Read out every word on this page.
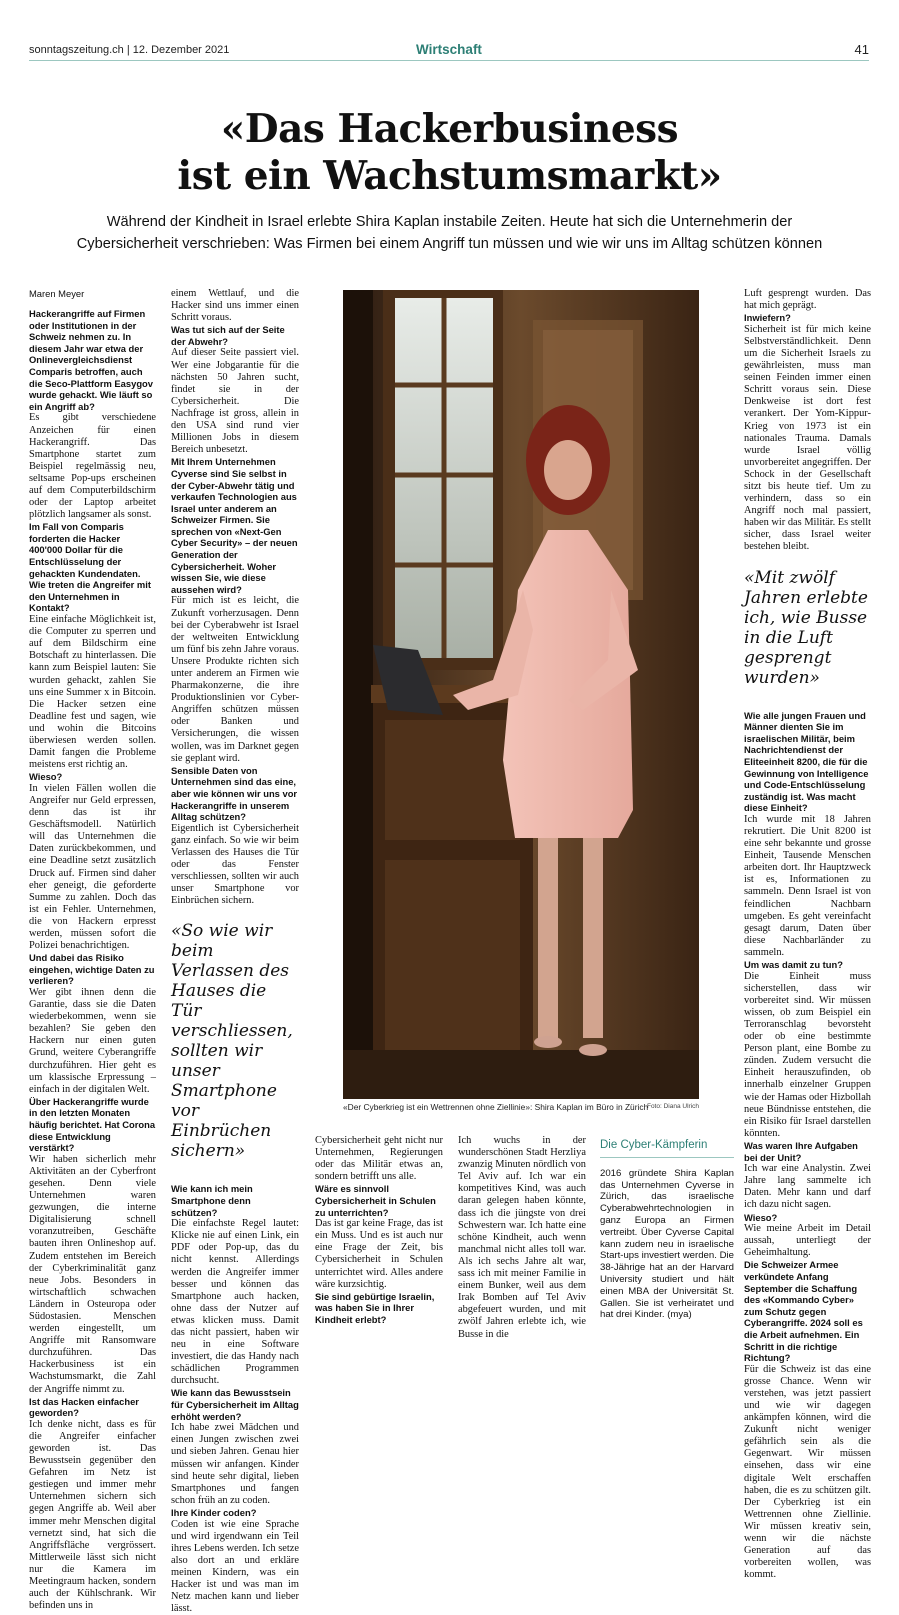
sonntagszeitung.ch | 12. Dezember 2021	Wirtschaft	41
«Das Hackerbusiness
ist ein Wachstumsmarkt»
Während der Kindheit in Israel erlebte Shira Kaplan instabile Zeiten. Heute hat sich die Unternehmerin der
Cybersicherheit verschrieben: Was Firmen bei einem Angriff tun müssen und wie wir uns im Alltag schützen können

Maren Meyer

Hackerangriffe auf Firmen oder Institutionen in der Schweiz nehmen zu. In diesem Jahr war etwa der Onlinevergleichsdienst Comparis betroffen, auch die Seco-Plattform Easygov wurde gehackt. Wie läuft so ein Angriff ab?

Es gibt verschiedene Anzeichen für einen Hackerangriff. Das Smartphone startet zum Beispiel regelmässig neu, seltsame Pop-ups erscheinen auf dem Computerbildschirm oder der Laptop arbeitet plötzlich langsamer als sonst.

Im Fall von Comparis forderten die Hacker 400'000 Dollar für die Entschlüsselung der gehackten Kundendaten. Wie treten die Angreifer mit den Unternehmen in Kontakt?

Eine einfache Möglichkeit ist, die Computer zu sperren und auf dem Bildschirm eine Botschaft zu hinterlassen. Die kann zum Beispiel lauten: Sie wurden gehackt, zahlen Sie uns eine Summer x in Bitcoin. Die Hacker setzen eine Deadline fest und sagen, wie und wohin die Bitcoins überwiesen werden sollen. Damit fangen die Probleme meistens erst richtig an.

Wieso?

In vielen Fällen wollen die Angreifer nur Geld erpressen, denn das ist ihr Geschäftsmodell. Natürlich will das Unternehmen die Daten zurückbekommen, und eine Deadline setzt zusätzlich Druck auf. Firmen sind daher eher geneigt, die geforderte Summe zu zahlen. Doch das ist ein Fehler. Unternehmen, die von Hackern erpresst werden, müssen sofort die Polizei benachrichtigen.

Und dabei das Risiko eingehen, wichtige Daten zu verlieren?

Wer gibt ihnen denn die Garantie, dass sie die Daten wiederbekommen, wenn sie bezahlen? Sie geben den Hackern nur einen guten Grund, weitere Cyberangriffe durchzuführen. Hier geht es um klassische Erpressung – einfach in der digitalen Welt.

Über Hackerangriffe wurde in den letzten Monaten häufig berichtet. Hat Corona diese Entwicklung verstärkt?

Wir haben sicherlich mehr Aktivitäten an der Cyberfront gesehen. Denn viele Unternehmen waren gezwungen, die interne Digitalisierung schnell voranzutreiben, Geschäfte bauten ihren Onlineshop auf. Zudem entstehen im Bereich der Cyberkriminalität ganz neue Jobs. Besonders in wirtschaftlich schwachen Ländern in Osteuropa oder Südostasien. Menschen werden eingestellt, um Angriffe mit Ransomware durchzuführen. Das Hackerbusiness ist ein Wachstumsmarkt, die Zahl der Angriffe nimmt zu.

Ist das Hacken einfacher geworden?

Ich denke nicht, dass es für die Angreifer einfacher geworden ist. Das Bewusstsein gegenüber den Gefahren im Netz ist gestiegen und immer mehr Unternehmen sichern sich gegen Angriffe ab. Weil aber immer mehr Menschen digital vernetzt sind, hat sich die Angriffsfläche vergrössert. Mittlerweile lässt sich nicht nur die Kamera im Meetingraum hacken, sondern auch der Kühlschrank. Wir befinden uns in

einem Wettlauf, und die Hacker sind uns immer einen Schritt voraus.

Was tut sich auf der Seite der Abwehr?

Auf dieser Seite passiert viel. Wer eine Jobgarantie für die nächsten 50 Jahren sucht, findet sie in der Cybersicherheit. Die Nachfrage ist gross, allein in den USA sind rund vier Millionen Jobs in diesem Bereich unbesetzt.

Mit Ihrem Unternehmen Cyverse sind Sie selbst in der Cyber-Abwehr tätig und verkaufen Technologien aus Israel unter anderem an Schweizer Firmen. Sie sprechen von «Next-Gen Cyber Security» – der neuen Generation der Cybersicherheit. Woher wissen Sie, wie diese aussehen wird?

Für mich ist es leicht, die Zukunft vorherzusagen. Denn bei der Cyberabwehr ist Israel der weltweiten Entwicklung um fünf bis zehn Jahre voraus. Unsere Produkte richten sich unter anderem an Firmen wie Pharmakonzerne, die ihre Produktionslinien vor Cyber-Angriffen schützen müssen oder Banken und Versicherungen, die wissen wollen, was im Darknet gegen sie geplant wird.

Sensible Daten von Unternehmen sind das eine, aber wie können wir uns vor Hackerangriffe in unserem Alltag schützen?

Eigentlich ist Cybersicherheit ganz einfach. So wie wir beim Verlassen des Hauses die Tür oder das Fenster verschliessen, sollten wir auch unser Smartphone vor Einbrüchen sichern.

«So wie wir beim Verlassen des Hauses die Tür verschliessen, sollten wir unser Smartphone vor Einbrüchen sichern»

Wie kann ich mein Smartphone denn schützen?

Die einfachste Regel lautet: Klicke nie auf einen Link, ein PDF oder Pop-up, das du nicht kennst. Allerdings werden die Angreifer immer besser und können das Smartphone auch hacken, ohne dass der Nutzer auf etwas klicken muss. Damit das nicht passiert, haben wir neu in eine Software investiert, die das Handy nach schädlichen Programmen durchsucht.

Wie kann das Bewusstsein für Cybersicherheit im Alltag erhöht werden?

Ich habe zwei Mädchen und einen Jungen zwischen zwei und sieben Jahren. Genau hier müssen wir anfangen. Kinder sind heute sehr digital, lieben Smartphones und fangen schon früh an zu coden.

Ihre Kinder coden?

Coden ist wie eine Sprache und wird irgendwann ein Teil ihres Lebens werden. Ich setze also dort an und erkläre meinen Kindern, was ein Hacker ist und was man im Netz machen kann und lieber lässt.

«Der Cyberkrieg ist ein Wettrennen ohne Ziellinie»: Shira Kaplan im Büro in Zürich
Foto: Diana Ulrich

Cybersicherheit geht nicht nur Unternehmen, Regierungen oder das Militär etwas an, sondern betrifft uns alle.

Wäre es sinnvoll Cybersicherheit in Schulen zu unterrichten?

Das ist gar keine Frage, das ist ein Muss. Und es ist auch nur eine Frage der Zeit, bis Cybersicherheit in Schulen unterrichtet wird. Alles andere wäre kurzsichtig.

Sie sind gebürtige Israelin, was haben Sie in Ihrer Kindheit erlebt?

Ich wuchs in der wunderschönen Stadt Herzliya zwanzig Minuten nördlich von Tel Aviv auf. Ich war ein kompetitives Kind, was auch daran gelegen haben könnte, dass ich die jüngste von drei Schwestern war. Ich hatte eine schöne Kindheit, auch wenn manchmal nicht alles toll war. Als ich sechs Jahre alt war, sass ich mit meiner Familie in einem Bunker, weil aus dem Irak Bomben auf Tel Aviv abgefeuert wurden, und mit zwölf Jahren erlebte ich, wie Busse in die

Die Cyber-Kämpferin
2016 gründete Shira Kaplan das Unternehmen Cyverse in Zürich, das israelische Cyberabwehrtechnologien in ganz Europa an Firmen vertreibt. Über Cyverse Capital kann zudem neu in israelische Start-ups investiert werden. Die 38-Jährige hat an der Harvard University studiert und hält einen MBA der Universität St. Gallen. Sie ist verheiratet und hat drei Kinder. (mya)

Luft gesprengt wurden. Das hat mich geprägt.

Inwiefern?

Sicherheit ist für mich keine Selbstverständlichkeit. Denn um die Sicherheit Israels zu gewährleisten, muss man seinen Feinden immer einen Schritt voraus sein. Diese Denkweise ist dort fest verankert. Der Yom-Kippur-Krieg von 1973 ist ein nationales Trauma. Damals wurde Israel völlig unvorbereitet angegriffen. Der Schock in der Gesellschaft sitzt bis heute tief. Um zu verhindern, dass so ein Angriff noch mal passiert, haben wir das Militär. Es stellt sicher, dass Israel weiter bestehen bleibt.

«Mit zwölf Jahren erlebte ich, wie Busse in die Luft gesprengt wurden»

Wie alle jungen Frauen und Männer dienten Sie im israelischen Militär, beim Nachrichtendienst der Eliteeinheit 8200, die für die Gewinnung von Intelligence und Code-Entschlüsselung zuständig ist. Was macht diese Einheit?

Ich wurde mit 18 Jahren rekrutiert. Die Unit 8200 ist eine sehr bekannte und grosse Einheit, Tausende Menschen arbeiten dort. Ihr Hauptzweck ist es, Informationen zu sammeln. Denn Israel ist von feindlichen Nachbarn umgeben. Es geht vereinfacht gesagt darum, Daten über diese Nachbarländer zu sammeln.

Um was damit zu tun?

Die Einheit muss sicherstellen, dass wir vorbereitet sind. Wir müssen wissen, ob zum Beispiel ein Terroranschlag bevorsteht oder ob eine bestimmte Person plant, eine Bombe zu zünden. Zudem versucht die Einheit herauszufinden, ob innerhalb einzelner Gruppen wie der Hamas oder Hizbollah neue Bündnisse entstehen, die ein Risiko für Israel darstellen könnten.

Was waren Ihre Aufgaben bei der Unit?

Ich war eine Analystin. Zwei Jahre lang sammelte ich Daten. Mehr kann und darf ich dazu nicht sagen.

Wieso?

Wie meine Arbeit im Detail aussah, unterliegt der Geheimhaltung.

Die Schweizer Armee verkündete Anfang September die Schaffung des «Kommando Cyber» zum Schutz gegen Cyberangriffe. 2024 soll es die Arbeit aufnehmen. Ein Schritt in die richtige Richtung?

Für die Schweiz ist das eine grosse Chance. Wenn wir verstehen, was jetzt passiert und wie wir dagegen ankämpfen können, wird die Zukunft nicht weniger gefährlich sein als die Gegenwart. Wir müssen einsehen, dass wir eine digitale Welt erschaffen haben, die es zu schützen gilt. Der Cyberkrieg ist ein Wettrennen ohne Ziellinie. Wir müssen kreativ sein, wenn wir die nächste Generation auf das vorbereiten wollen, was kommt.
